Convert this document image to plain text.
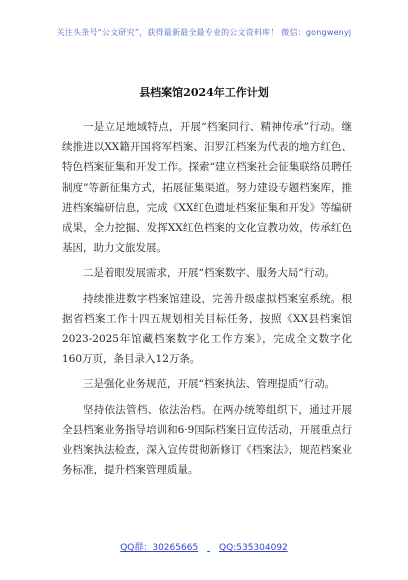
关注头条号“公文研究”，获得最新最全最专业的公文资料库！ 微信：gongwenyj
县档案馆2024年工作计划

一是立足地域特点，开展“档案同行、精神传承”行动。继续推进以XX籍开国将军档案、汨罗江档案为代表的地方红色、特色档案征集和开发工作。探索“建立档案社会征集联络员聘任制度”等新征集方式，拓展征集渠道。努力建设专题档案库，推进档案编研信息，完成《XX红色遗址档案征集和开发》等编研成果，全力挖掘、发挥XX红色档案的文化宣教功效，传承红色基因，助力文旅发展。

二是着眼发展需求，开展“档案数字、服务大局”行动。

持续推进数字档案馆建设，完善升级虚拟档案室系统。根据省档案工作十四五规划相关目标任务，按照《XX县档案馆2023-2025年馆藏档案数字化工作方案》，完成全文数字化160万页，条目录入12万条。

三是强化业务规范，开展“档案执法、管理提质”行动。

坚持依法管档、依法治档。在两办统筹组织下，通过开展全县档案业务指导培训和6·9国际档案日宣传活动，开展重点行业档案执法检查，深入宣传贯彻新修订《档案法》，规范档案业务标准，提升档案管理质量。

QQ群：30265665 QQ:535304092
